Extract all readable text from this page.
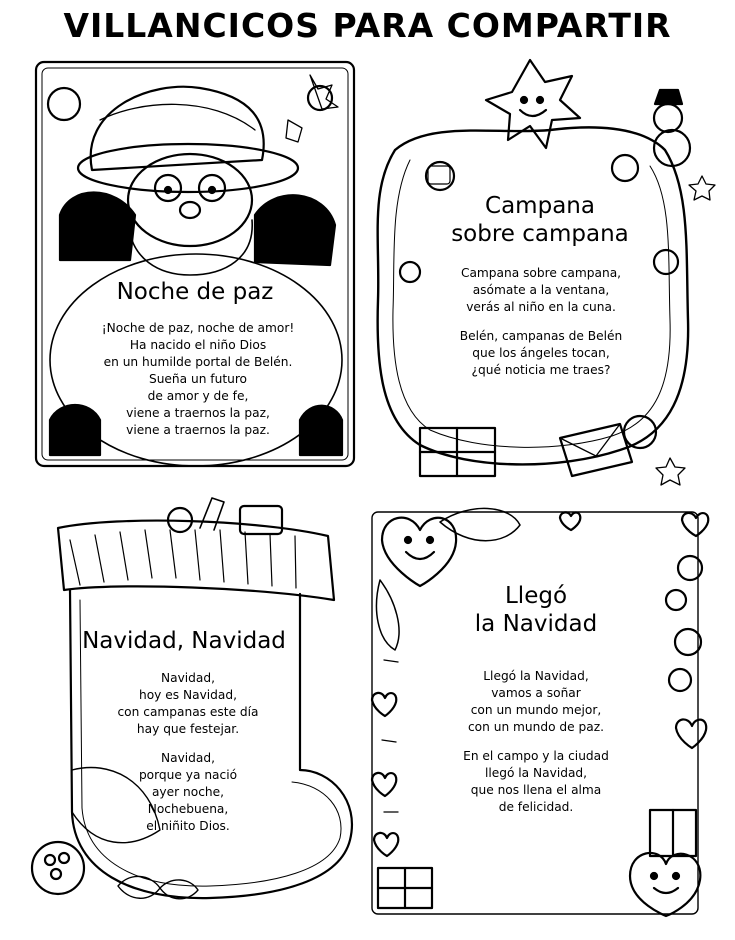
VILLANCICOS PARA COMPARTIR
Noche de paz
¡Noche de paz, noche de amor!
Ha nacido el niño Dios
en un humilde portal de Belén.
Sueña un futuro
de amor y de fe,
viene a traernos la paz,
viene a traernos la paz.
Campana
sobre campana
Campana sobre campana,
asómate a la ventana,
verás al niño en la cuna.
Belén, campanas de Belén
que los ángeles tocan,
¿qué noticia me traes?
Navidad, Navidad
Navidad,
hoy es Navidad,
con campanas este día
hay que festejar.
Navidad,
porque ya nació
ayer noche,
Nochebuena,
el niñito Dios.
Llegó
la Navidad
Llegó la Navidad,
vamos a soñar
con un mundo mejor,
con un mundo de paz.
En el campo y la ciudad
llegó la Navidad,
que nos llena el alma
de felicidad.
